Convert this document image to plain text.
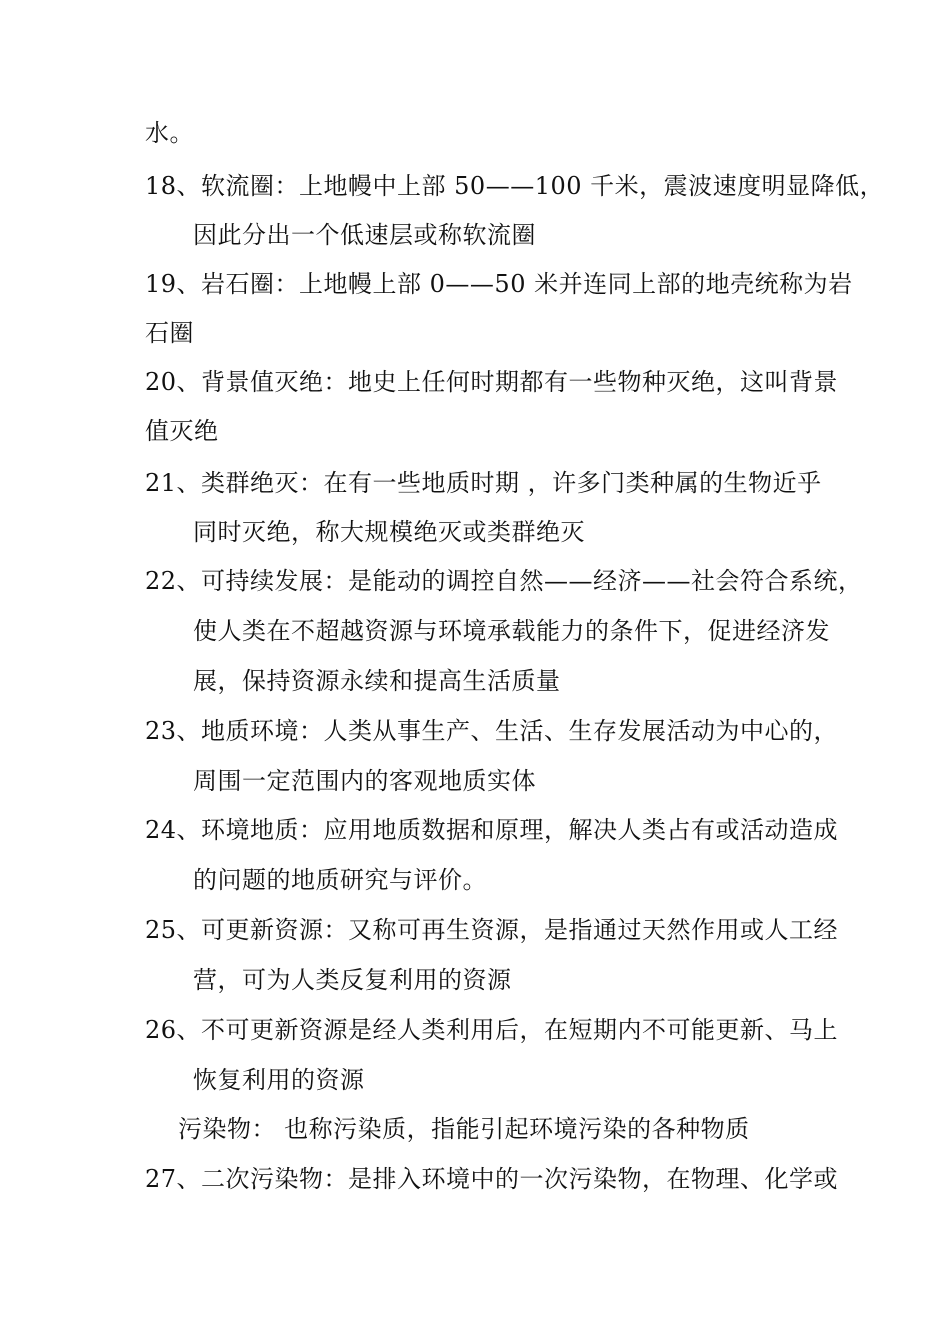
水。
18、软流圈：上地幔中上部 50——100 千米，震波速度明显降低，
因此分出一个低速层或称软流圈
19、岩石圈：上地幔上部 0——50 米并连同上部的地壳统称为岩
石圈
20、背景值灭绝：地史上任何时期都有一些物种灭绝，这叫背景
值灭绝
21、类群绝灭：在有一些地质时期 ，许多门类种属的生物近乎
同时灭绝，称大规模绝灭或类群绝灭
22、可持续发展：是能动的调控自然——经济——社会符合系统，
使人类在不超越资源与环境承载能力的条件下，促进经济发
展，保持资源永续和提高生活质量
23、地质环境：人类从事生产、生活、生存发展活动为中心的，
周围一定范围内的客观地质实体
24、环境地质：应用地质数据和原理，解决人类占有或活动造成
的问题的地质研究与评价。
25、可更新资源：又称可再生资源，是指通过天然作用或人工经
营，可为人类反复利用的资源
26、不可更新资源是经人类利用后，在短期内不可能更新、马上
恢复利用的资源
污染物： 也称污染质，指能引起环境污染的各种物质
27、二次污染物：是排入环境中的一次污染物，在物理、化学或
